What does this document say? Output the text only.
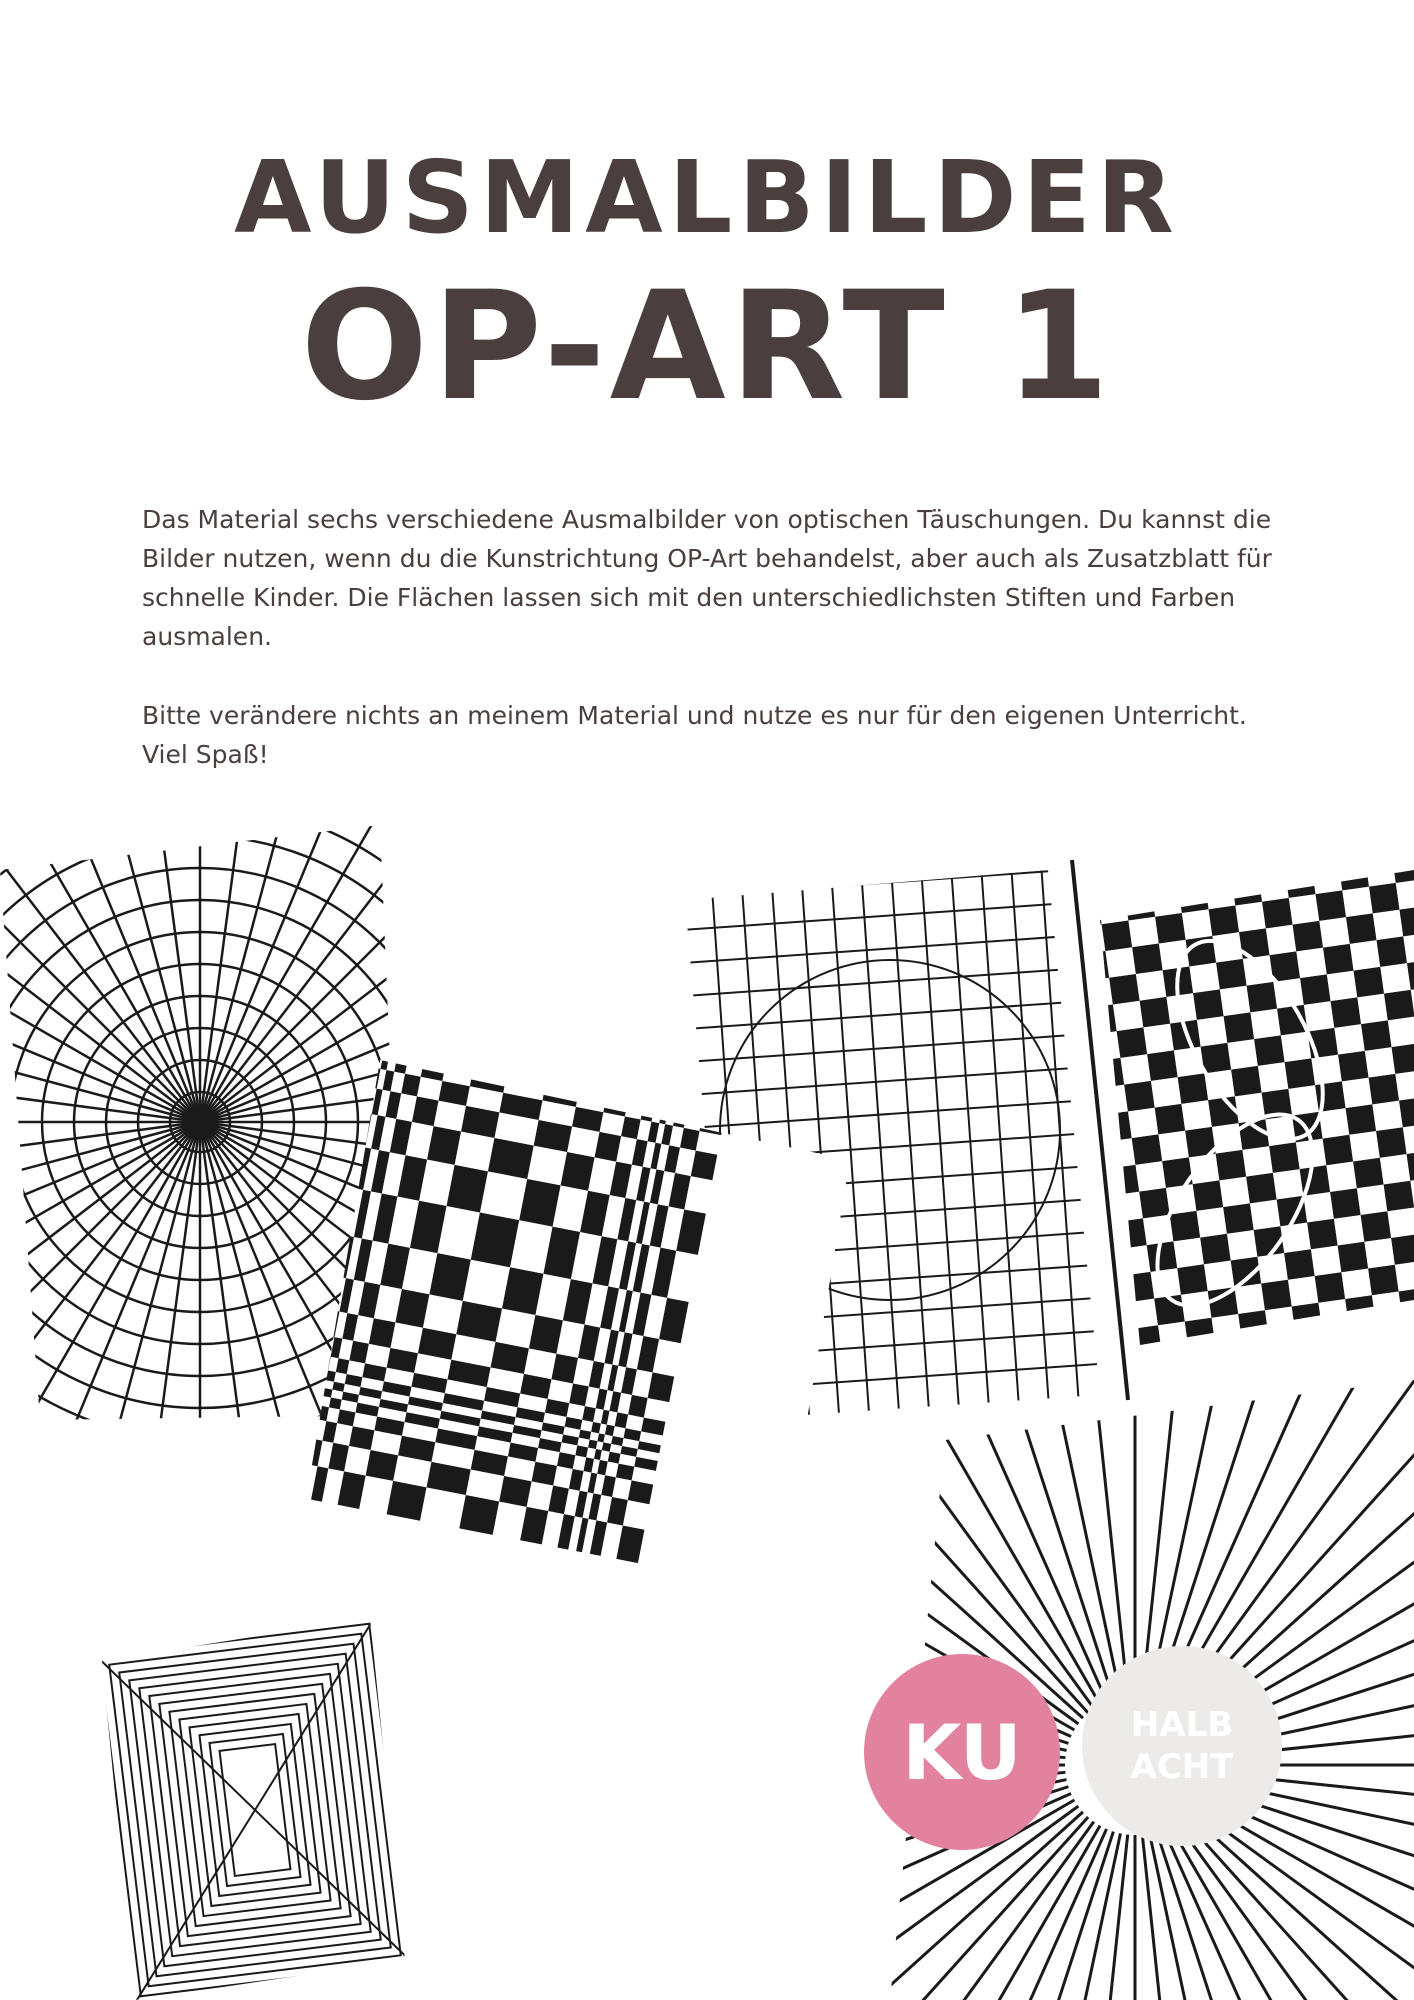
AUSMALBILDER
OP-ART 1

Das Material sechs verschiedene Ausmalbilder von optischen Täuschungen. Du kannst die Bilder nutzen, wenn du die Kunstrichtung OP-Art behandelst, aber auch als Zusatzblatt für schnelle Kinder. Die Flächen lassen sich mit den unterschiedlichsten Stiften und Farben ausmalen.

Bitte verändere nichts an meinem Material und nutze es nur für den eigenen Unterricht. Viel Spaß!

KU	HALB
ACHT
